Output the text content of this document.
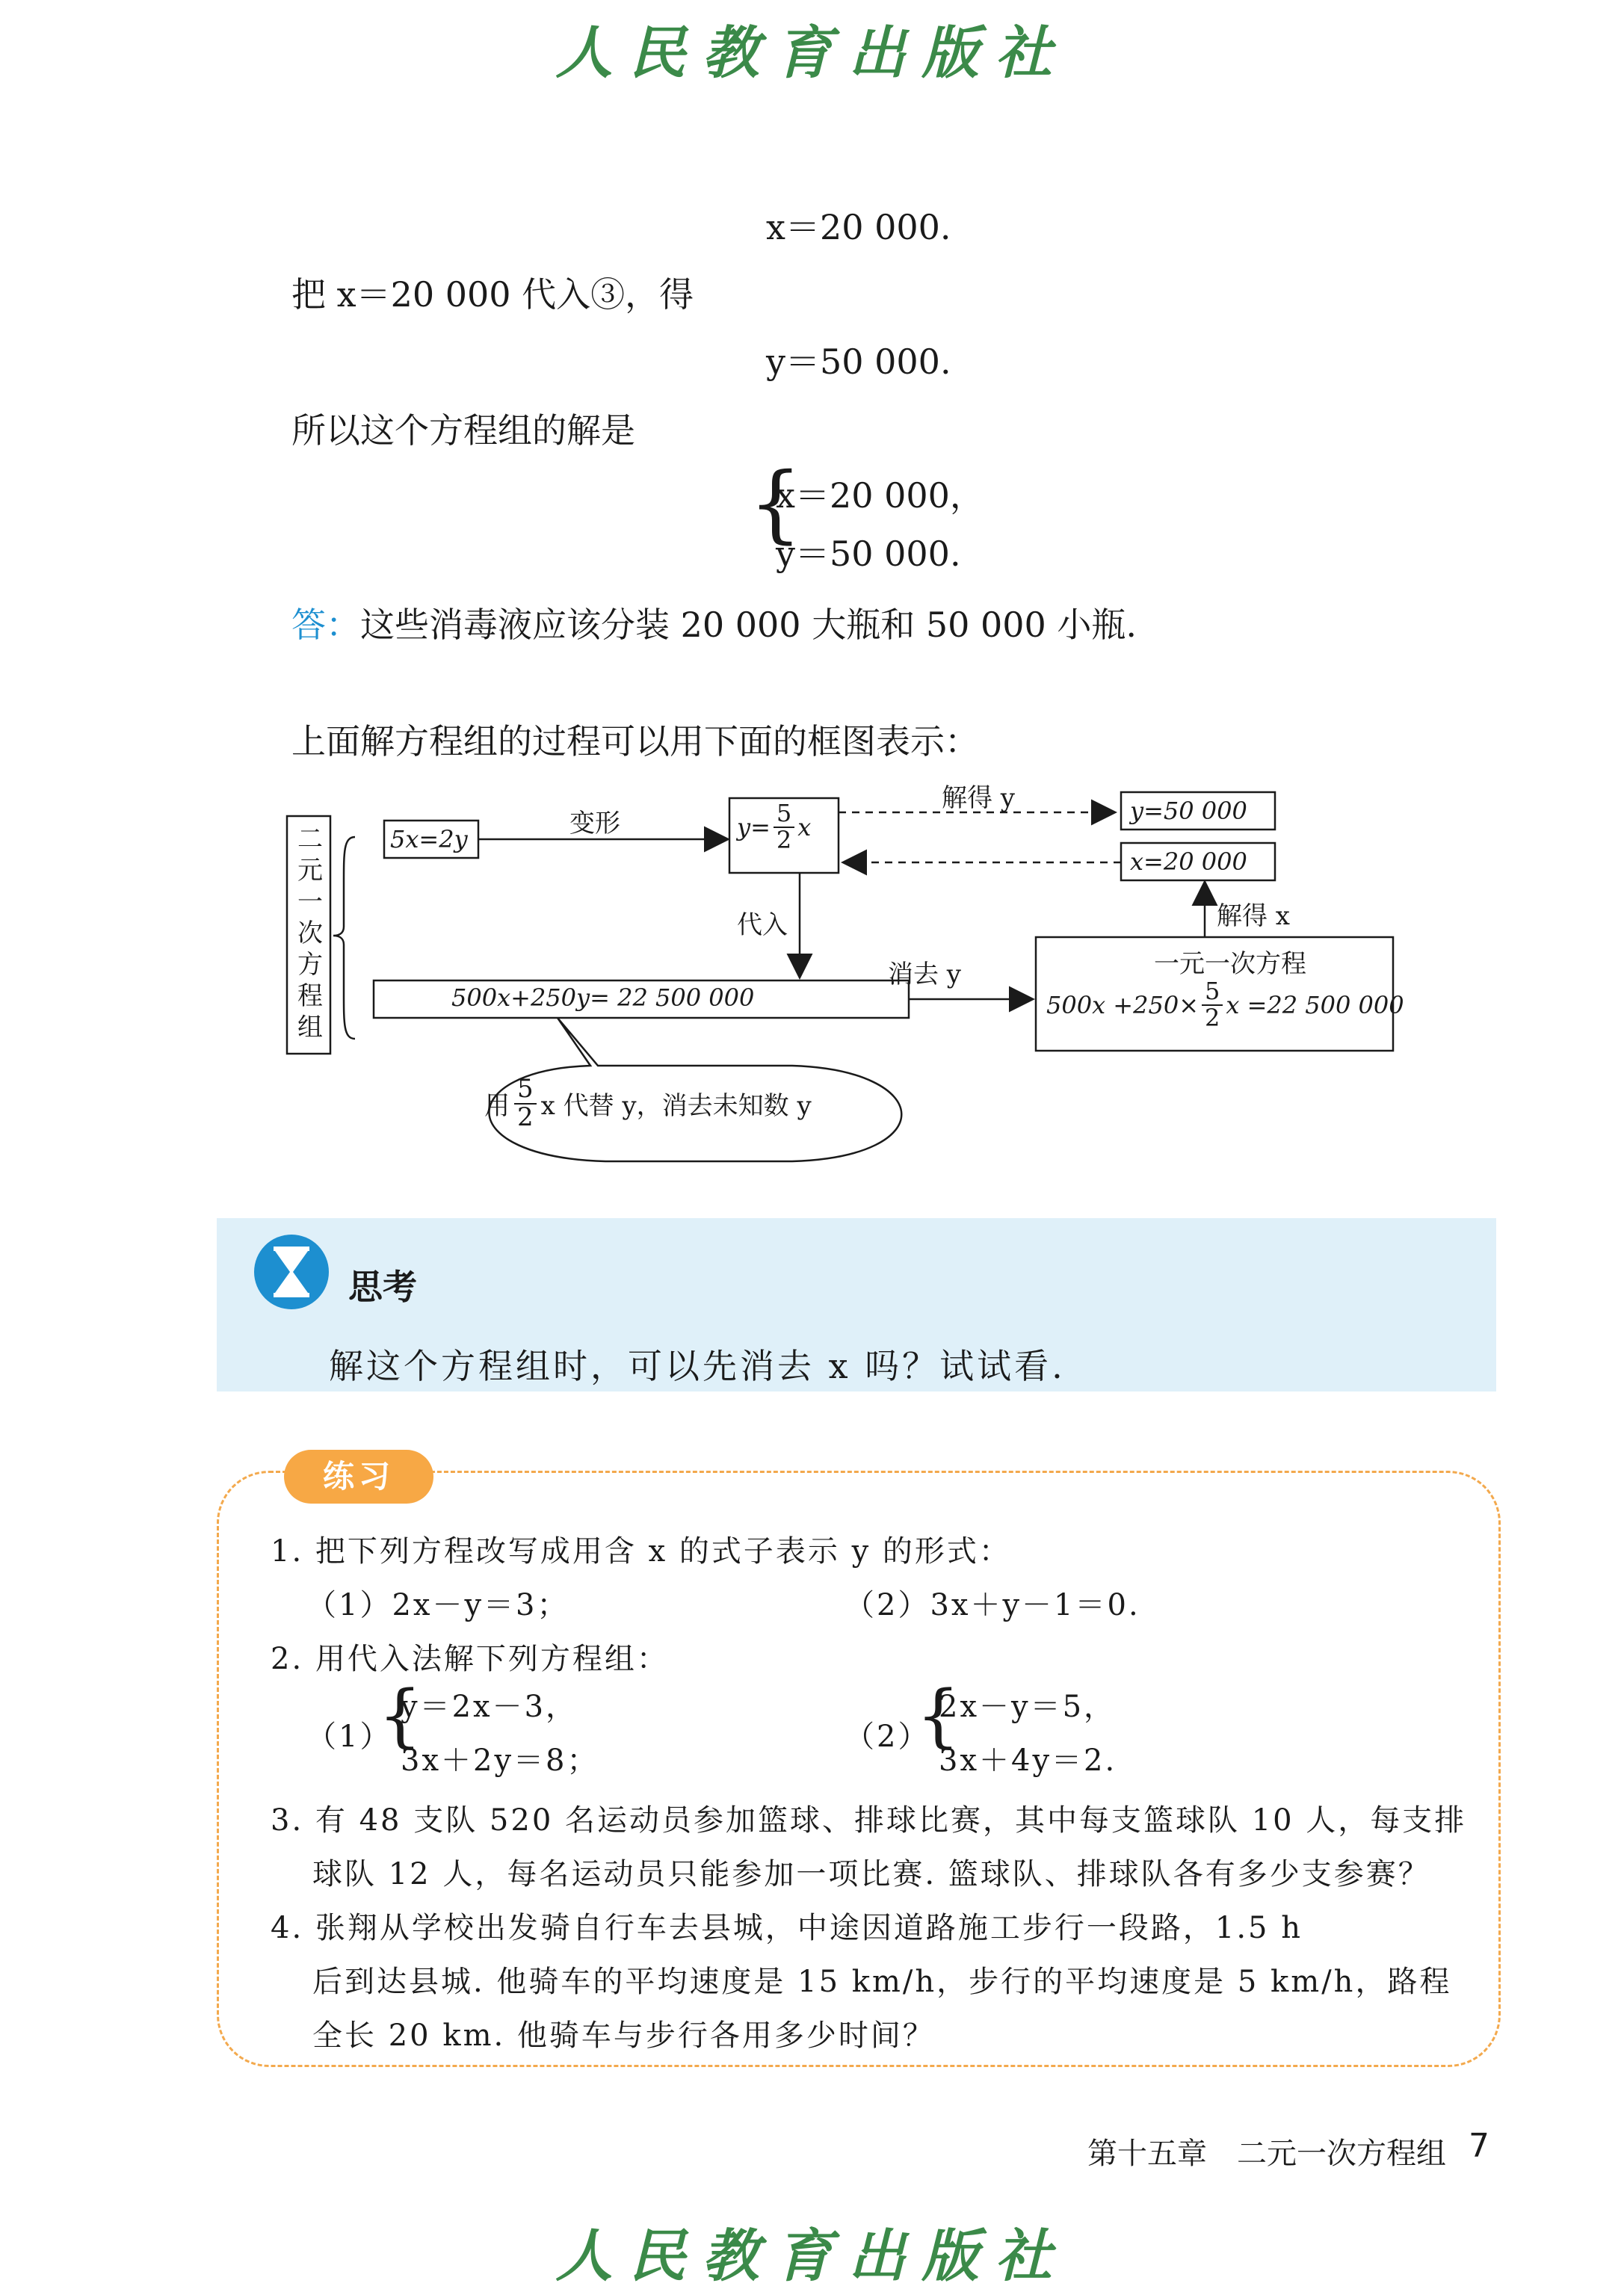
人民教育出版社
x＝20 000.
把 x＝20 000 代入③，得
y＝50 000.
所以这个方程组的解是
{
x＝20 000，
y＝50 000.
答：这些消毒液应该分装 20 000 大瓶和 50 000 小瓶.
上面解方程组的过程可以用下面的框图表示：
二元一次方程组
5x=2y
变形	$y= \frac{5}{2}$ x
解得 y	y=50 000
x=20 000
代入	解得 x
500x+250y= 22 500 000
消去 y	一元一次方程
$500x +250\times \frac{5}{2}$ x =22 500 000
用 $\frac{5}{2}$ x 代替 y，消去未知数 y
思考
解这个方程组时，可以先消去 x 吗？试试看.
练习
1. 把下列方程改写成用含 x 的式子表示 y 的形式：
（1）2x－y＝3；	（2）3x＋y－1＝0.
2. 用代入法解下列方程组：
（1）
{
y＝2x－3，
3x＋2y＝8；
（2）
{
2x－y＝5，
3x＋4y＝2.
3. 有 48 支队 520 名运动员参加篮球、排球比赛，其中每支篮球队 10 人，每支排
球队 12 人，每名运动员只能参加一项比赛. 篮球队、排球队各有多少支参赛？
4. 张翔从学校出发骑自行车去县城，中途因道路施工步行一段路，1.5 h
后到达县城. 他骑车的平均速度是 15 km/h，步行的平均速度是 5 km/h，路程
全长 20 km. 他骑车与步行各用多少时间？
第十五章　二元一次方程组 7
人民教育出版社
